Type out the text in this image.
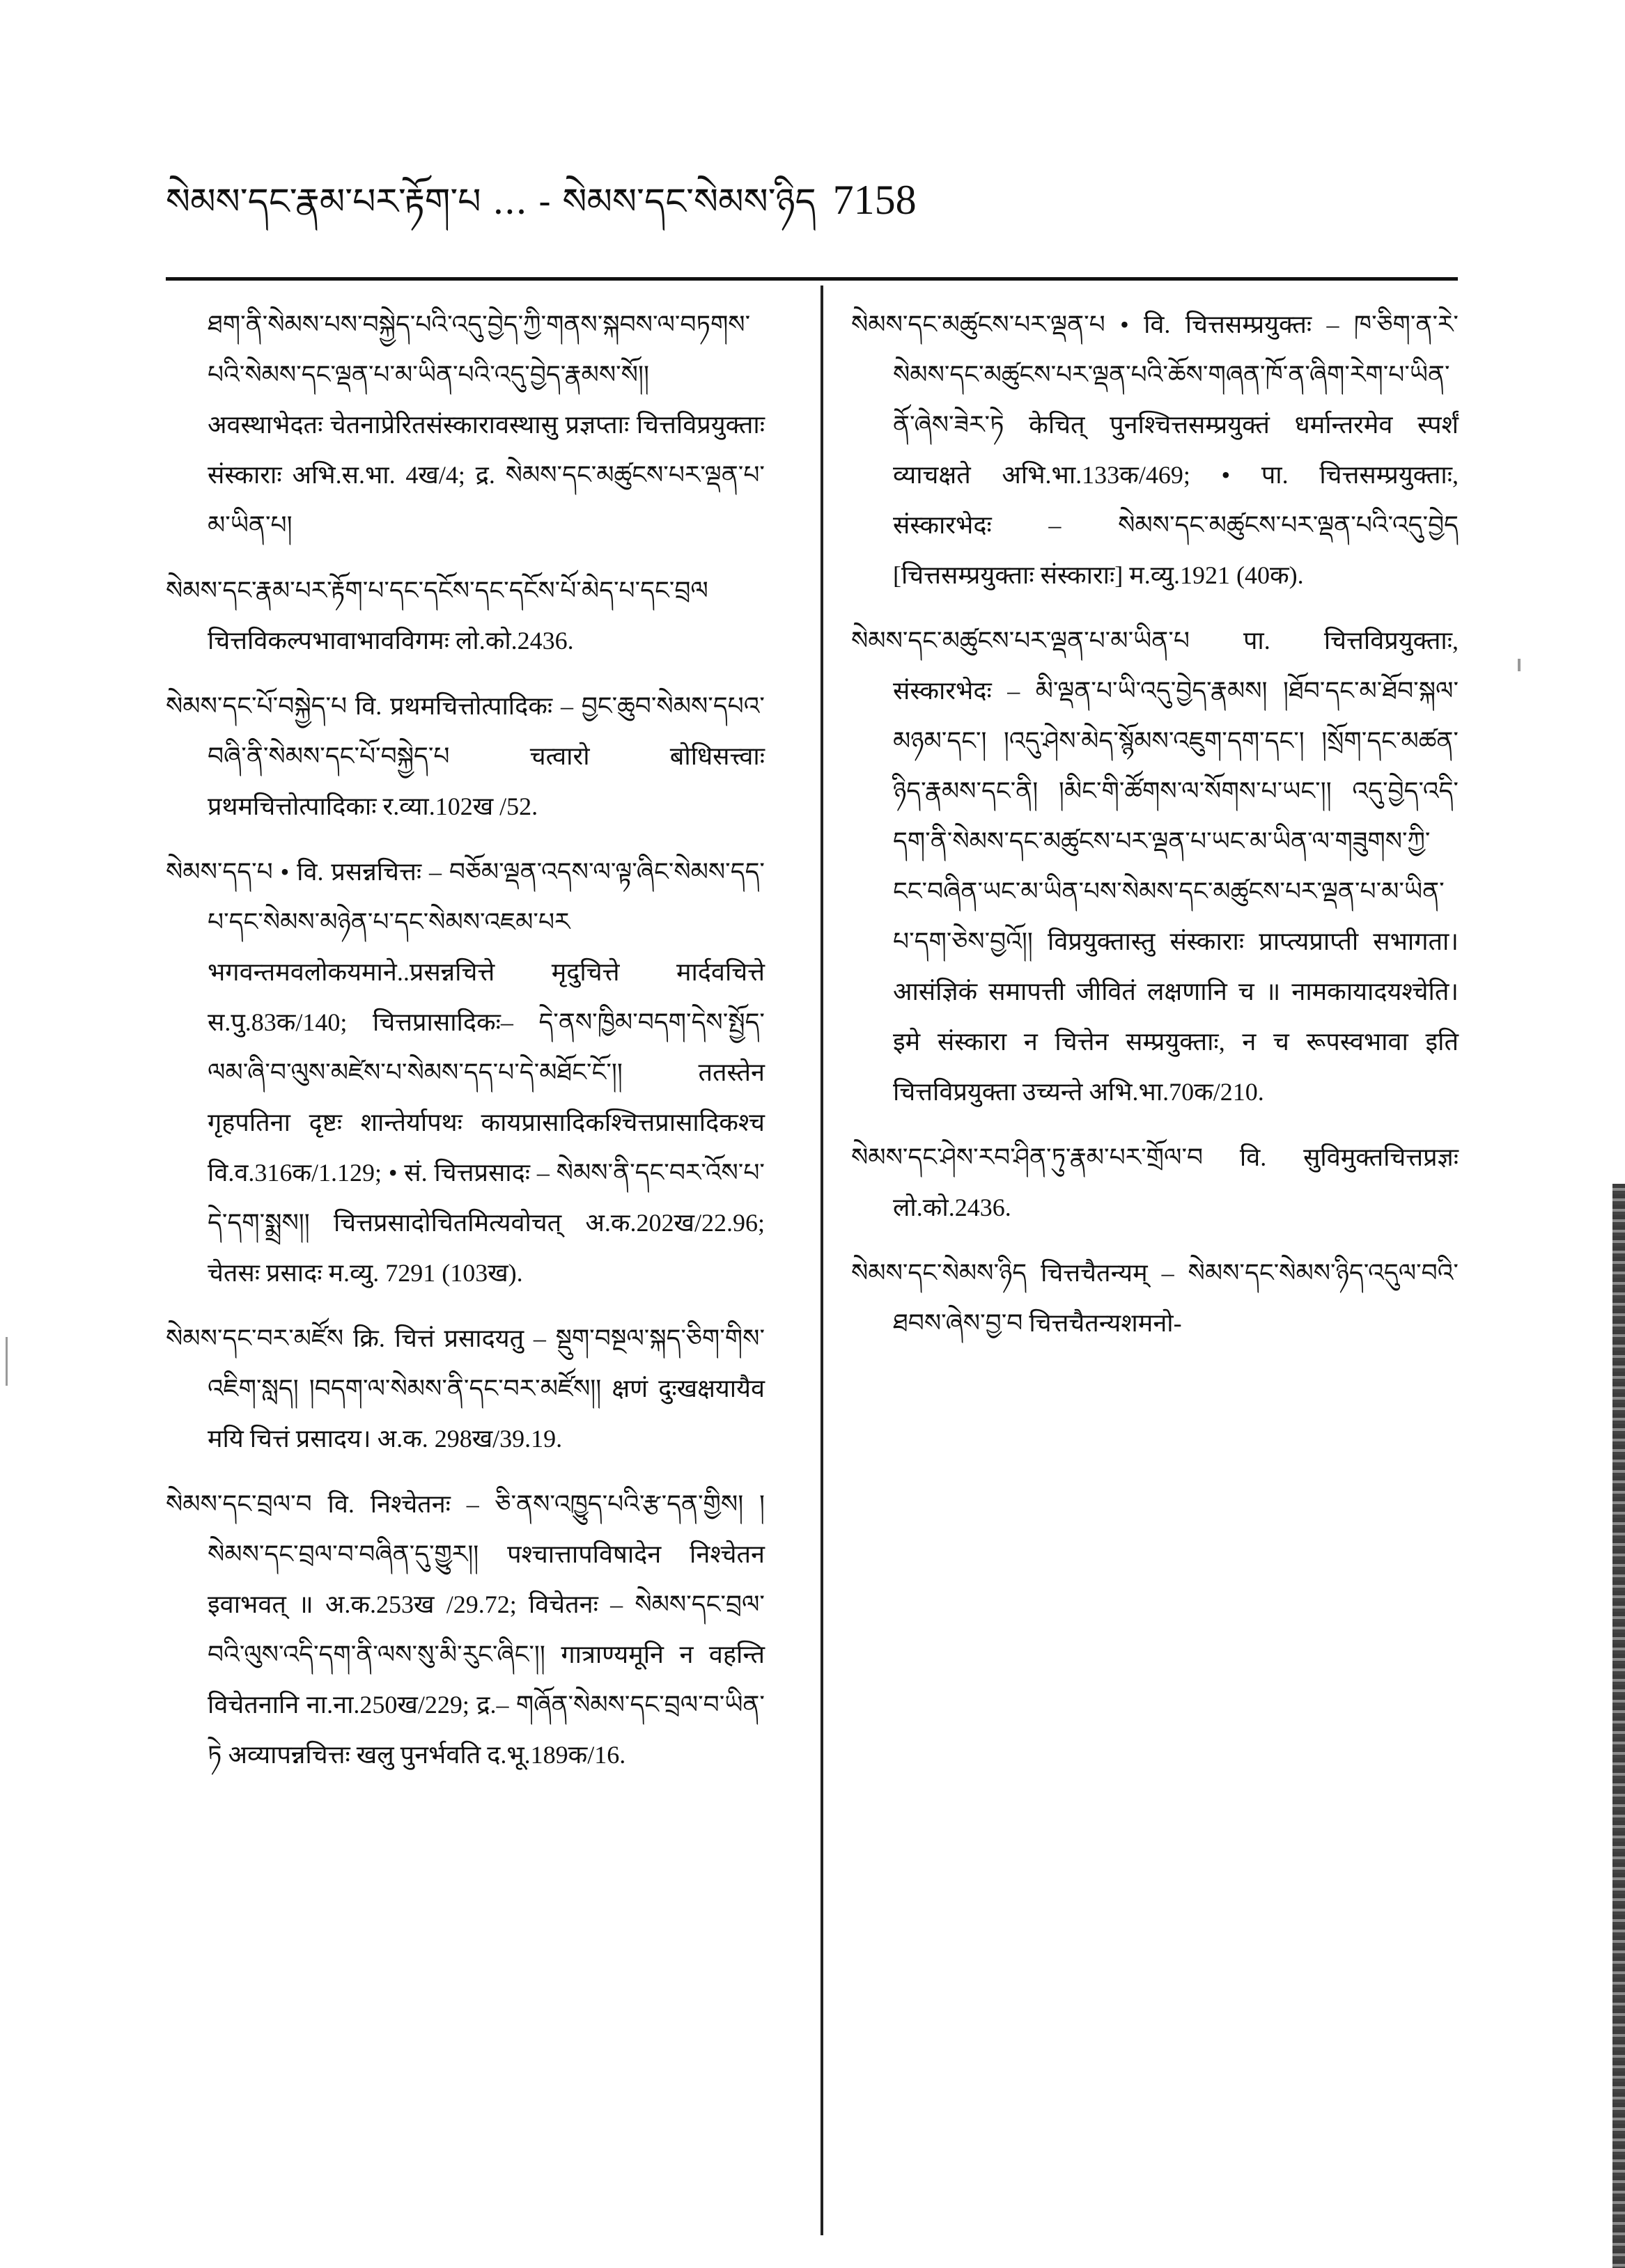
སེམས་དང་རྣམ་པར་རྟོག་པ ... - སེམས་དང་སེམས་ཉིད 7158

ཐག་ནི་སེམས་པས་བསྐྱེད་པའི་འདུ་བྱེད་ཀྱི་གནས་སྐབས་ལ་བཏགས་པའི་སེམས་དང་ལྡན་པ་མ་ཡིན་པའི་འདུ་བྱེད་རྣམས་སོ།། अवस्थाभेदतः चेतनाप्रेरितसंस्कारावस्थासु प्रज्ञप्ताः चित्तविप्रयुक्ताः संस्काराः अभि.स.भा. 4ख/4; द्र. སེམས་དང་མཚུངས་པར་ལྡན་པ་མ་ཡིན་པ།

སེམས་དང་རྣམ་པར་རྟོག་པ་དང་དངོས་དང་དངོས་པོ་མེད་པ་དང་བྲལ चित्तविकल्पभावाभावविगमः लो.को.2436.

སེམས་དང་པོ་བསྐྱེད་པ वि. प्रथमचित्तोत्पादिकः – བྱང་ཆུབ་སེམས་དཔའ་བཞི་ནི་སེམས་དང་པོ་བསྐྱེད་པ चत्वारो बोधिसत्त्वाः प्रथमचित्तोत्पादिकाः र.व्या.102ख /52.

སེམས་དད་པ • वि. प्रसन्नचित्तः – བཅོམ་ལྡན་འདས་ལ་ལྟ་ཞིང་སེམས་དད་པ་དང་སེམས་མཉེན་པ་དང་སེམས་འཇམ་པར भगवन्तमवलोकयमाने..प्रसन्नचित्ते मृदुचित्ते मार्दवचित्ते स.पु.83क/140; चित्तप्रासादिकः– དེ་ནས་ཁྱིམ་བདག་དེས་སྤྱོད་ལམ་ཞི་བ་ལུས་མཛེས་པ་སེམས་དད་པ་དེ་མཐོང་ངོ་།། ततस्तेन गृहपतिना दृष्टः शान्तेर्यापथः कायप्रासादिकश्चित्तप्रासादिकश्च वि.व.316क/1.129; • सं. चित्तप्रसादः – སེམས་ནི་དང་བར་འོས་པ་དེ་དག་སྨྲས།། चित्तप्रसादोचितमित्यवोचत् अ.क.202ख/22.96; चेतसः प्रसादः म.व्यु. 7291 (103ख).

སེམས་དང་བར་མཛོས क्रि. चित्तं प्रसादयतु – སྡུག་བསྔལ་སྐད་ཅིག་གིས་འཇིག་སླད། །བདག་ལ་སེམས་ནི་དང་བར་མཛོས།། क्षणं दुःखक्षयायैव मयि चित्तं प्रसादय। अ.क. 298ख/39.19.

སེམས་དང་བྲལ་བ वि. निश्चेतनः – ཅི་ནས་འཁྱུད་པའི་རྩ་དན་གྱིས། །སེམས་དང་བྲལ་བ་བཞིན་དུ་གྱུར།། पश्चात्तापविषादेन निश्चेतन इवाभवत् ॥ अ.क.253ख /29.72; विचेतनः – སེམས་དང་བྲལ་བའི་ལུས་འདི་དག་ནི་ལས་སུ་མི་རུང་ཞིང་།། गात्राण्यमूनि न वहन्ति विचेतनानि ना.ना.250ख/229; द्र.– གཞོན་སེམས་དང་བྲལ་བ་ཡིན་ཏེ अव्यापन्नचित्तः खलु पुनर्भवति द.भू.189क/16.

སེམས་དང་མཚུངས་པར་ལྡན་པ • वि. चित्तसम्प्रयुक्तः – ཁ་ཅིག་ན་རེ་སེམས་དང་མཚུངས་པར་ལྡན་པའི་ཆོས་གཞན་ཁོ་ན་ཞིག་རེག་པ་ཡིན་ནོ་ཞེས་ཟེར་ཏེ केचित् पुनश्चित्तसम्प्रयुक्तं धर्मान्तरमेव स्पर्शं व्याचक्षते अभि.भा.133क/469; • पा. चित्तसम्प्रयुक्ताः, संस्कारभेदः – སེམས་དང་མཚུངས་པར་ལྡན་པའི་འདུ་བྱེད [चित्तसम्प्रयुक्ताः संस्काराः] म.व्यु.1921 (40क).

སེམས་དང་མཚུངས་པར་ལྡན་པ་མ་ཡིན་པ पा. चित्तविप्रयुक्ताः, संस्कारभेदः – མི་ལྡན་པ་ཡི་འདུ་བྱེད་རྣམས། །ཐོབ་དང་མ་ཐོབ་སྐལ་མཉམ་དང་། །འདུ་ཤེས་མེད་སྙོམས་འཇུག་དག་དང་། །སྲོག་དང་མཚན་ཉིད་རྣམས་དང་ནི། །མིང་གི་ཚོགས་ལ་སོགས་པ་ཡང་།། འདུ་བྱེད་འདི་དག་ནི་སེམས་དང་མཚུངས་པར་ལྡན་པ་ཡང་མ་ཡིན་ལ་གཟུགས་ཀྱི་ངང་བཞིན་ཡང་མ་ཡིན་པས་སེམས་དང་མཚུངས་པར་ལྡན་པ་མ་ཡིན་པ་དག་ཅེས་བྱའོ།། विप्रयुक्तास्तु संस्काराः प्राप्त्यप्राप्ती सभागता। आसंज्ञिकं समापत्ती जीवितं लक्षणानि च ॥ नामकायादयश्चेति। इमे संस्कारा न चित्तेन सम्प्रयुक्ताः, न च रूपस्वभावा इति चित्तविप्रयुक्ता उच्यन्ते अभि.भा.70क/210.

སེམས་དང་ཤེས་རབ་ཤིན་ཏུ་རྣམ་པར་གྲོལ་བ वि. सुविमुक्तचित्तप्रज्ञः लो.को.2436.

སེམས་དང་སེམས་ཉིད चित्तचैतन्यम् – སེམས་དང་སེམས་ཉིད་འདུལ་བའི་ཐབས་ཞེས་བྱ་བ चित्तचैतन्यशमनो-
